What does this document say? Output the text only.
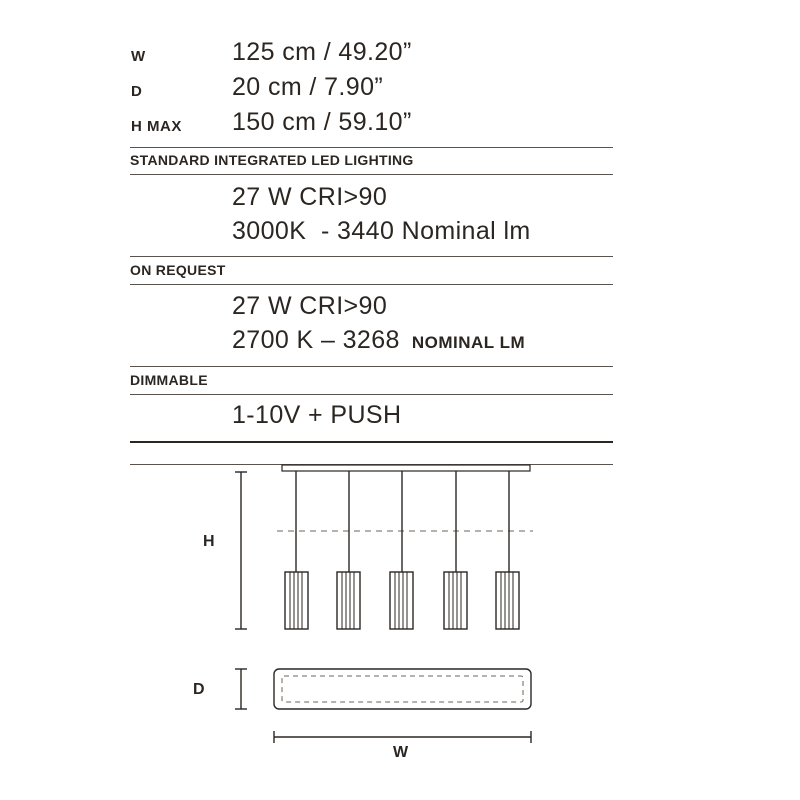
W	125 cm / 49.20”
D	20 cm / 7.90”
H MAX 150 cm / 59.10”
STANDARD INTEGRATED LED LIGHTING
27 W CRI>90
3000K  - 3440 Nominal lm
ON REQUEST
27 W CRI>90
2700 K – 3268 NOMINAL LM
DIMMABLE
1-10V + PUSH
H
D
W
